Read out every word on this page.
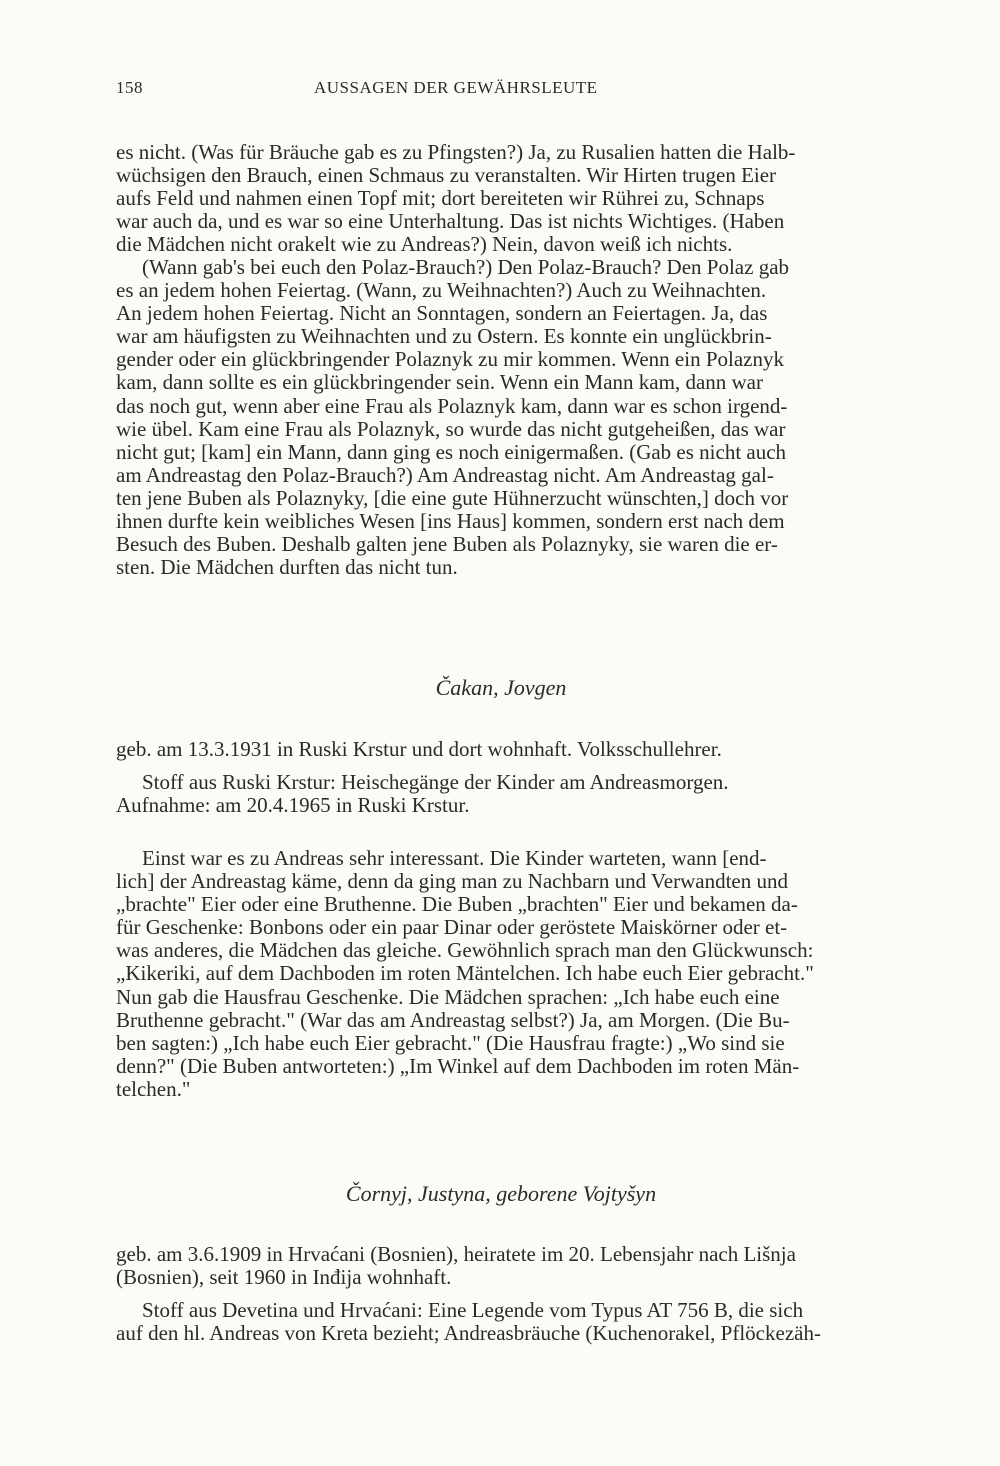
158	AUSSAGEN DER GEWÄHRSLEUTE

es nicht. (Was für Bräuche gab es zu Pfingsten?) Ja, zu Rusalien hatten die Halb-
wüchsigen den Brauch, einen Schmaus zu veranstalten. Wir Hirten trugen Eier
aufs Feld und nahmen einen Topf mit; dort bereiteten wir Rührei zu, Schnaps
war auch da, und es war so eine Unterhaltung. Das ist nichts Wichtiges. (Haben
die Mädchen nicht orakelt wie zu Andreas?) Nein, davon weiß ich nichts.

(Wann gab's bei euch den Polaz-Brauch?) Den Polaz-Brauch? Den Polaz gab
es an jedem hohen Feiertag. (Wann, zu Weihnachten?) Auch zu Weihnachten.
An jedem hohen Feiertag. Nicht an Sonntagen, sondern an Feiertagen. Ja, das
war am häufigsten zu Weihnachten und zu Ostern. Es konnte ein unglückbrin-
gender oder ein glückbringender Polaznyk zu mir kommen. Wenn ein Polaznyk
kam, dann sollte es ein glückbringender sein. Wenn ein Mann kam, dann war
das noch gut, wenn aber eine Frau als Polaznyk kam, dann war es schon irgend-
wie übel. Kam eine Frau als Polaznyk, so wurde das nicht gutgeheißen, das war
nicht gut; [kam] ein Mann, dann ging es noch einigermaßen. (Gab es nicht auch
am Andreastag den Polaz-Brauch?) Am Andreastag nicht. Am Andreastag gal-
ten jene Buben als Polaznyky, [die eine gute Hühnerzucht wünschten,] doch vor
ihnen durfte kein weibliches Wesen [ins Haus] kommen, sondern erst nach dem
Besuch des Buben. Deshalb galten jene Buben als Polaznyky, sie waren die er-
sten. Die Mädchen durften das nicht tun.

Čakan, Jovgen

geb. am 13.3.1931 in Ruski Krstur und dort wohnhaft. Volksschullehrer.

Stoff aus Ruski Krstur: Heischegänge der Kinder am Andreasmorgen.
Aufnahme: am 20.4.1965 in Ruski Krstur.

Einst war es zu Andreas sehr interessant. Die Kinder warteten, wann [end-
lich] der Andreastag käme, denn da ging man zu Nachbarn und Verwandten und
„brachte" Eier oder eine Bruthenne. Die Buben „brachten" Eier und bekamen da-
für Geschenke: Bonbons oder ein paar Dinar oder geröstete Maiskörner oder et-
was anderes, die Mädchen das gleiche. Gewöhnlich sprach man den Glückwunsch:
„Kikeriki, auf dem Dachboden im roten Mäntelchen. Ich habe euch Eier gebracht."
Nun gab die Hausfrau Geschenke. Die Mädchen sprachen: „Ich habe euch eine
Bruthenne gebracht." (War das am Andreastag selbst?) Ja, am Morgen. (Die Bu-
ben sagten:) „Ich habe euch Eier gebracht." (Die Hausfrau fragte:) „Wo sind sie
denn?" (Die Buben antworteten:) „Im Winkel auf dem Dachboden im roten Män-
telchen."

Čornyj, Justyna, geborene Vojtyšyn

geb. am 3.6.1909 in Hrvaćani (Bosnien), heiratete im 20. Lebensjahr nach Lišnja
(Bosnien), seit 1960 in Inđija wohnhaft.

Stoff aus Devetina und Hrvaćani: Eine Legende vom Typus AT 756 B, die sich
auf den hl. Andreas von Kreta bezieht; Andreasbräuche (Kuchenorakel, Pflöckezäh-
